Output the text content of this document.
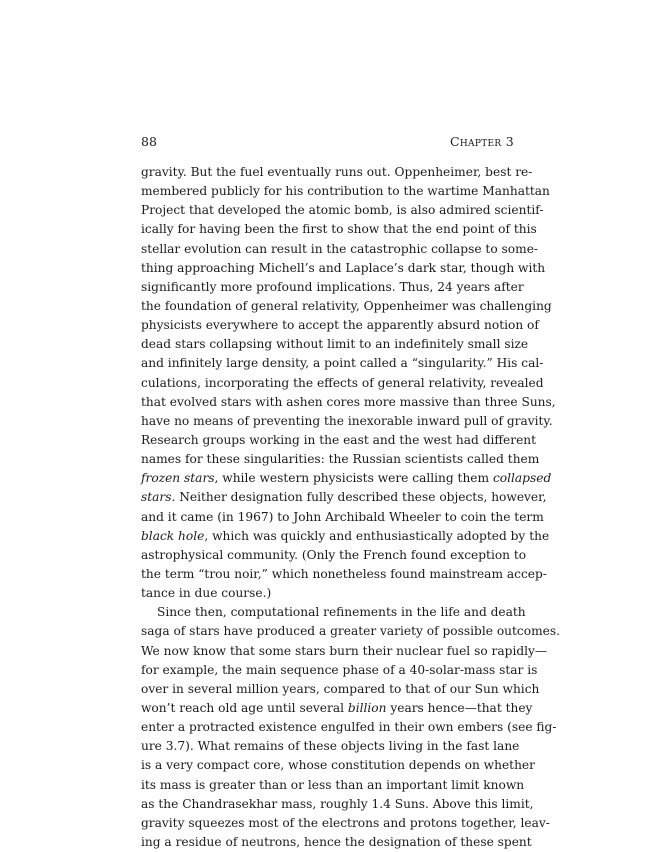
88	Chapter 3
gravity. But the fuel eventually runs out. Oppenheimer, best re-
membered publicly for his contribution to the wartime Manhattan
Project that developed the atomic bomb, is also admired scientif-
ically for having been the first to show that the end point of this
stellar evolution can result in the catastrophic collapse to some-
thing approaching Michell’s and Laplace’s dark star, though with
significantly more profound implications. Thus, 24 years after
the foundation of general relativity, Oppenheimer was challenging
physicists everywhere to accept the apparently absurd notion of
dead stars collapsing without limit to an indefinitely small size
and infinitely large density, a point called a “singularity.” His cal-
culations, incorporating the effects of general relativity, revealed
that evolved stars with ashen cores more massive than three Suns,
have no means of preventing the inexorable inward pull of gravity.
Research groups working in the east and the west had different
names for these singularities: the Russian scientists called them
frozen stars, while western physicists were calling them collapsed
stars. Neither designation fully described these objects, however,
and it came (in 1967) to John Archibald Wheeler to coin the term
black hole, which was quickly and enthusiastically adopted by the
astrophysical community. (Only the French found exception to
the term “trou noir,” which nonetheless found mainstream accep-
tance in due course.)
Since then, computational refinements in the life and death
saga of stars have produced a greater variety of possible outcomes.
We now know that some stars burn their nuclear fuel so rapidly—
for example, the main sequence phase of a 40-solar-mass star is
over in several million years, compared to that of our Sun which
won’t reach old age until several billion years hence—that they
enter a protracted existence engulfed in their own embers (see fig-
ure 3.7). What remains of these objects living in the fast lane
is a very compact core, whose constitution depends on whether
its mass is greater than or less than an important limit known
as the Chandrasekhar mass, roughly 1.4 Suns. Above this limit,
gravity squeezes most of the electrons and protons together, leav-
ing a residue of neutrons, hence the designation of these spent
